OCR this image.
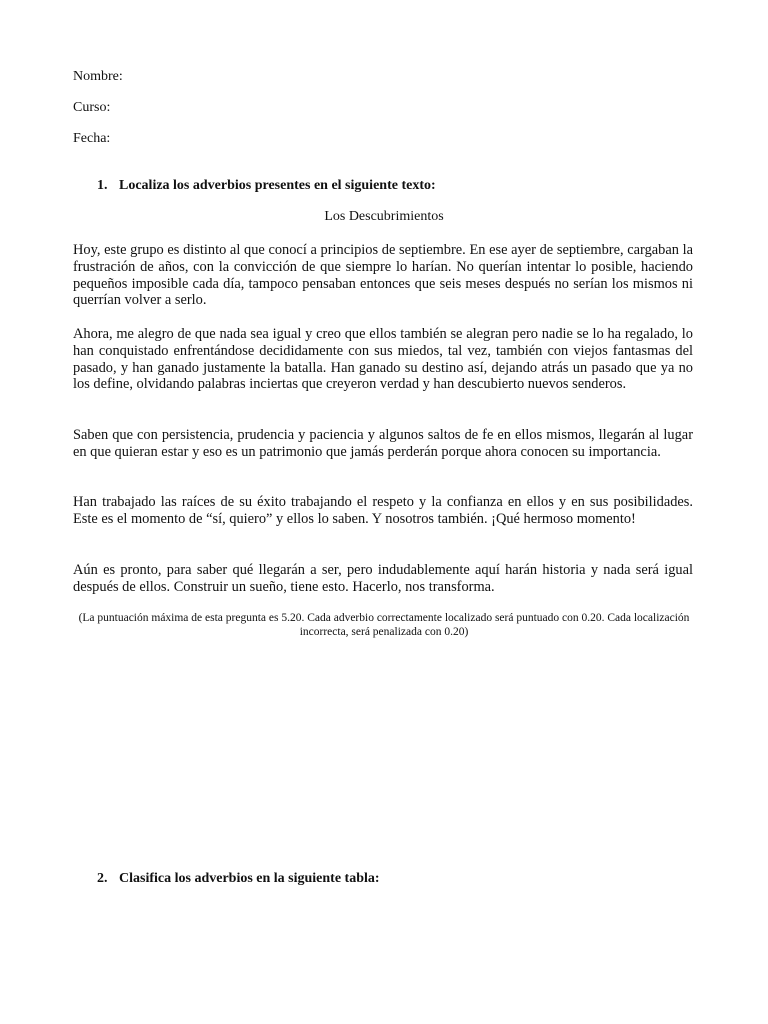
Nombre:
Curso:
Fecha:
1. Localiza los adverbios presentes en el siguiente texto:
Los Descubrimientos

Hoy, este grupo es distinto al que conocí a principios de septiembre. En ese ayer de septiembre, cargaban la frustración de años, con la convicción de que siempre lo harían. No querían intentar lo posible, haciendo pequeños imposible cada día, tampoco pensaban entonces que seis meses después no serían los mismos ni querrían volver a serlo.

Ahora, me alegro de que nada sea igual y creo que ellos también se alegran pero nadie se lo ha regalado, lo han conquistado enfrentándose decididamente con sus miedos, tal vez, también con viejos fantasmas del pasado, y han ganado justamente la batalla. Han ganado su destino así, dejando atrás un pasado que ya no los define, olvidando palabras inciertas que creyeron verdad y han descubierto nuevos senderos.

Saben que con persistencia, prudencia y paciencia y algunos saltos de fe en ellos mismos, llegarán al lugar en que quieran estar y eso es un patrimonio que jamás perderán porque ahora conocen su importancia.

Han trabajado las raíces de su éxito trabajando el respeto y la confianza en ellos y en sus posibilidades. Este es el momento de “sí, quiero” y ellos lo saben. Y nosotros también. ¡Qué hermoso momento!

Aún es pronto, para saber qué llegarán a ser, pero indudablemente aquí harán historia y nada será igual después de ellos. Construir un sueño, tiene esto. Hacerlo, nos transforma.

(La puntuación máxima de esta pregunta es 5.20. Cada adverbio correctamente localizado será puntuado con 0.20. Cada localización incorrecta, será penalizada con 0.20)
2. Clasifica los adverbios en la siguiente tabla:
